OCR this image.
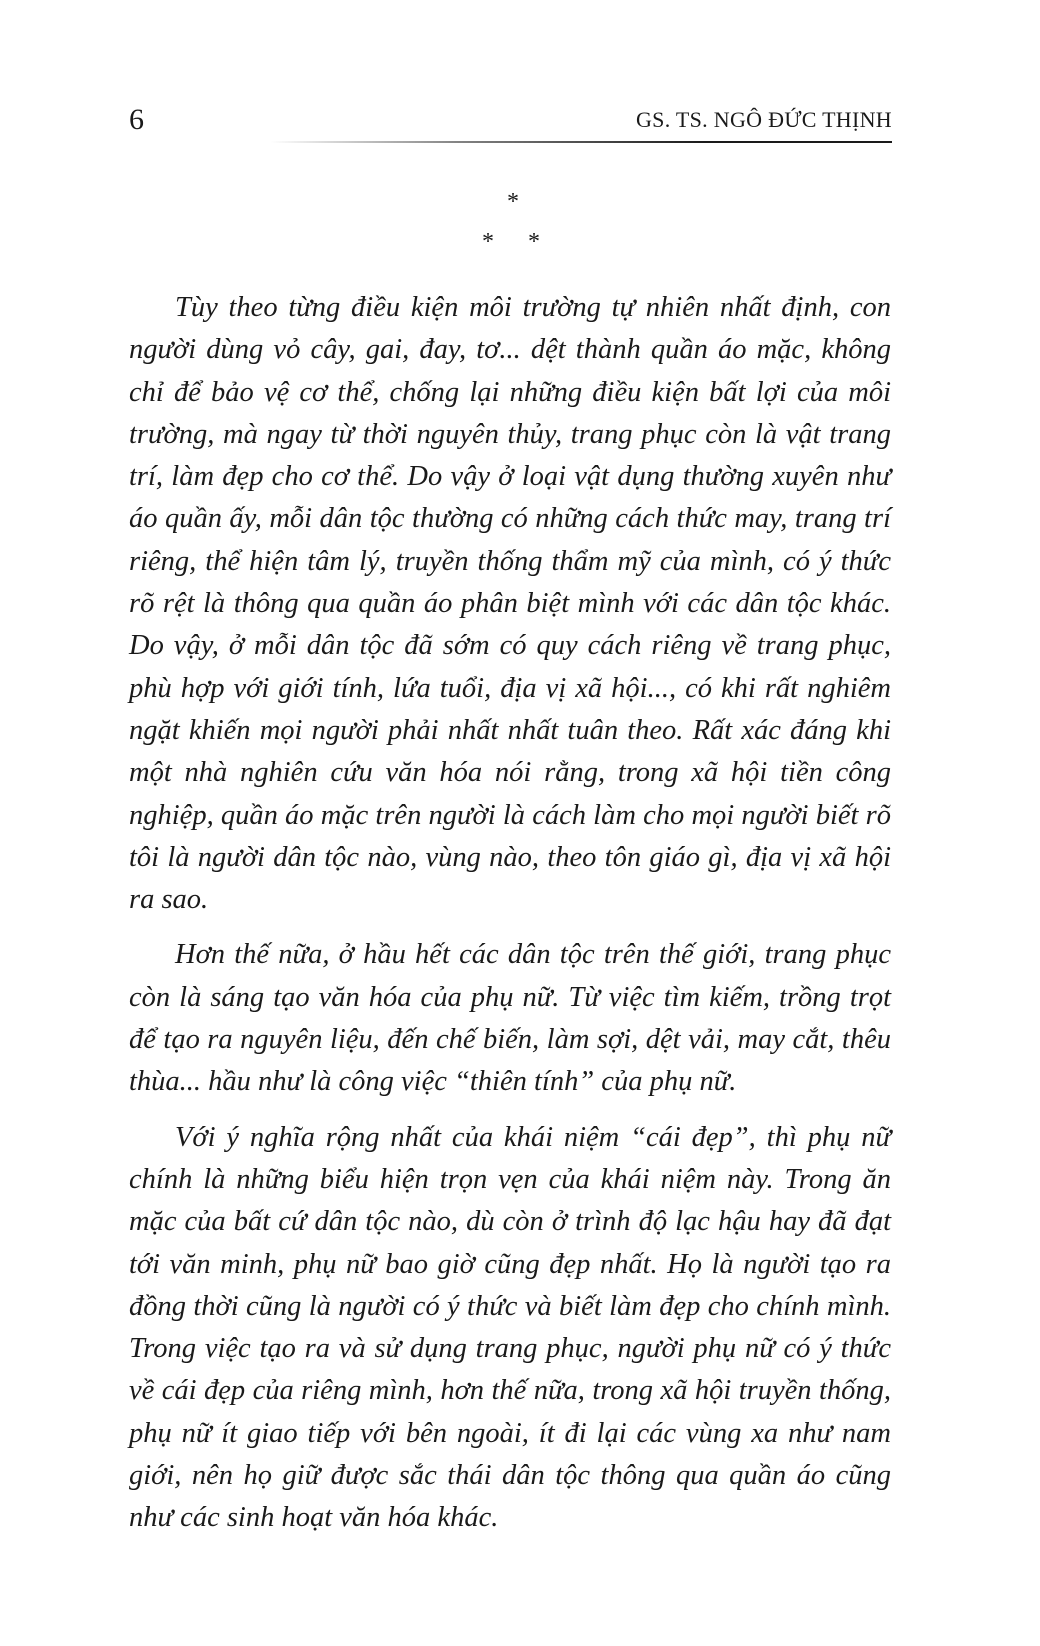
6	GS. TS. NGÔ ĐỨC THỊNH
*
* *

Tùy theo từng điều kiện môi trường tự nhiên nhất định, con người dùng vỏ cây, gai, đay, tơ... dệt thành quần áo mặc, không chỉ để bảo vệ cơ thể, chống lại những điều kiện bất lợi của môi trường, mà ngay từ thời nguyên thủy, trang phục còn là vật trang trí, làm đẹp cho cơ thể. Do vậy ở loại vật dụng thường xuyên như áo quần ấy, mỗi dân tộc thường có những cách thức may, trang trí riêng, thể hiện tâm lý, truyền thống thẩm mỹ của mình, có ý thức rõ rệt là thông qua quần áo phân biệt mình với các dân tộc khác. Do vậy, ở mỗi dân tộc đã sớm có quy cách riêng về trang phục, phù hợp với giới tính, lứa tuổi, địa vị xã hội..., có khi rất nghiêm ngặt khiến mọi người phải nhất nhất tuân theo. Rất xác đáng khi một nhà nghiên cứu văn hóa nói rằng, trong xã hội tiền công nghiệp, quần áo mặc trên người là cách làm cho mọi người biết rõ tôi là người dân tộc nào, vùng nào, theo tôn giáo gì, địa vị xã hội ra sao.

Hơn thế nữa, ở hầu hết các dân tộc trên thế giới, trang phục còn là sáng tạo văn hóa của phụ nữ. Từ việc tìm kiếm, trồng trọt để tạo ra nguyên liệu, đến chế biến, làm sợi, dệt vải, may cắt, thêu thùa... hầu như là công việc “thiên tính” của phụ nữ.

Với ý nghĩa rộng nhất của khái niệm “cái đẹp”, thì phụ nữ chính là những biểu hiện trọn vẹn của khái niệm này. Trong ăn mặc của bất cứ dân tộc nào, dù còn ở trình độ lạc hậu hay đã đạt tới văn minh, phụ nữ bao giờ cũng đẹp nhất. Họ là người tạo ra đồng thời cũng là người có ý thức và biết làm đẹp cho chính mình. Trong việc tạo ra và sử dụng trang phục, người phụ nữ có ý thức về cái đẹp của riêng mình, hơn thế nữa, trong xã hội truyền thống, phụ nữ ít giao tiếp với bên ngoài, ít đi lại các vùng xa như nam giới, nên họ giữ được sắc thái dân tộc thông qua quần áo cũng như các sinh hoạt văn hóa khác.
